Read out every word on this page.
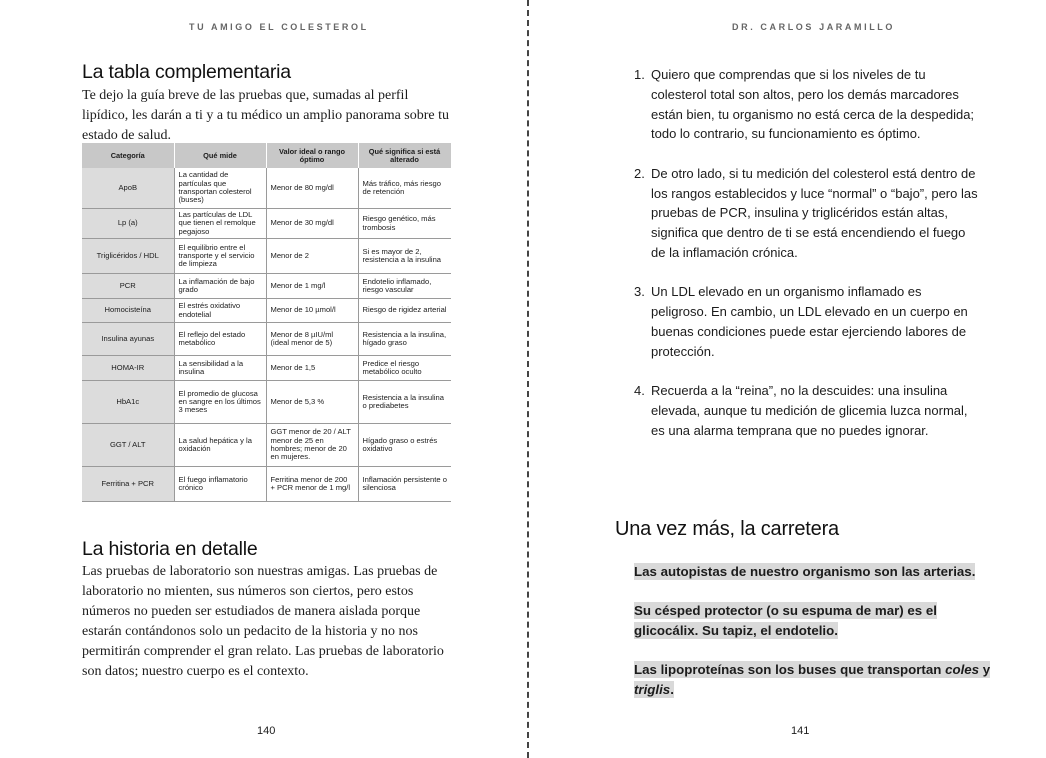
TU AMIGO EL COLESTEROL
La tabla complementaria

Te dejo la guía breve de las pruebas que, sumadas al perfil lipídico, les darán a ti y a tu médico un amplio panorama sobre tu estado de salud.

Categoría	Qué mide	Valor ideal o rango óptimo	Qué significa si está alterado
ApoB	La cantidad de partículas que transportan colesterol (buses)	Menor de 80 mg/dl	Más tráfico, más riesgo de retención
Lp (a)	Las partículas de LDL que tienen el remolque pegajoso	Menor de 30 mg/dl	Riesgo genético, más trombosis
Triglicéridos / HDL	El equilibrio entre el transporte y el servicio de limpieza	Menor de 2	Si es mayor de 2, resistencia a la insulina
PCR	La inflamación de bajo grado	Menor de 1 mg/l	Endotelio inflamado, riesgo vascular
Homocisteína	El estrés oxidativo endotelial	Menor de 10 µmol/l	Riesgo de rigidez arterial
Insulina ayunas	El reflejo del estado metabólico	Menor de 8 µIU/ml (ideal menor de 5)	Resistencia a la insulina, hígado graso
HOMA-IR	La sensibilidad a la insulina	Menor de 1,5	Predice el riesgo metabólico oculto
HbA1c	El promedio de glucosa en sangre en los últimos 3 meses	Menor de 5,3 %	Resistencia a la insulina o prediabetes
GGT / ALT	La salud hepática y la oxidación	GGT menor de 20 / ALT menor de 25 en hombres; menor de 20 en mujeres.	Hígado graso o estrés oxidativo
Ferritina + PCR	El fuego inflamatorio crónico	Ferritina menor de 200 + PCR menor de 1 mg/l	Inflamación persistente o silenciosa
La historia en detalle

Las pruebas de laboratorio son nuestras amigas. Las pruebas de laboratorio no mienten, sus números son ciertos, pero estos números no pueden ser estudiados de manera aislada porque estarán contándonos solo un pedacito de la historia y no nos permitirán comprender el gran relato. Las pruebas de laboratorio son datos; nuestro cuerpo es el contexto.

140
DR. CARLOS JARAMILLO
141
1. Quiero que comprendas que si los niveles de tu colesterol total son altos, pero los demás marcadores están bien, tu organismo no está cerca de la despedida; todo lo contrario, su funcionamiento es óptimo.
2. De otro lado, si tu medición del colesterol está dentro de los rangos establecidos y luce “normal” o “bajo”, pero las pruebas de PCR, insulina y triglicéridos están altas, significa que dentro de ti se está encendiendo el fuego de la inflamación crónica.
3. Un LDL elevado en un organismo inflamado es peligroso. En cambio, un LDL elevado en un cuerpo en buenas condiciones puede estar ejerciendo labores de protección.
4. Recuerda a la “reina”, no la descuides: una insulina elevada, aunque tu medición de glicemia luzca normal, es una alarma temprana que no puedes ignorar.
Una vez más, la carretera

Las autopistas de nuestro organismo son las arterias.

Su césped protector (o su espuma de mar) es el glicocálix. Su tapiz, el endotelio.

Las lipoproteínas son los buses que transportan coles y triglis.
